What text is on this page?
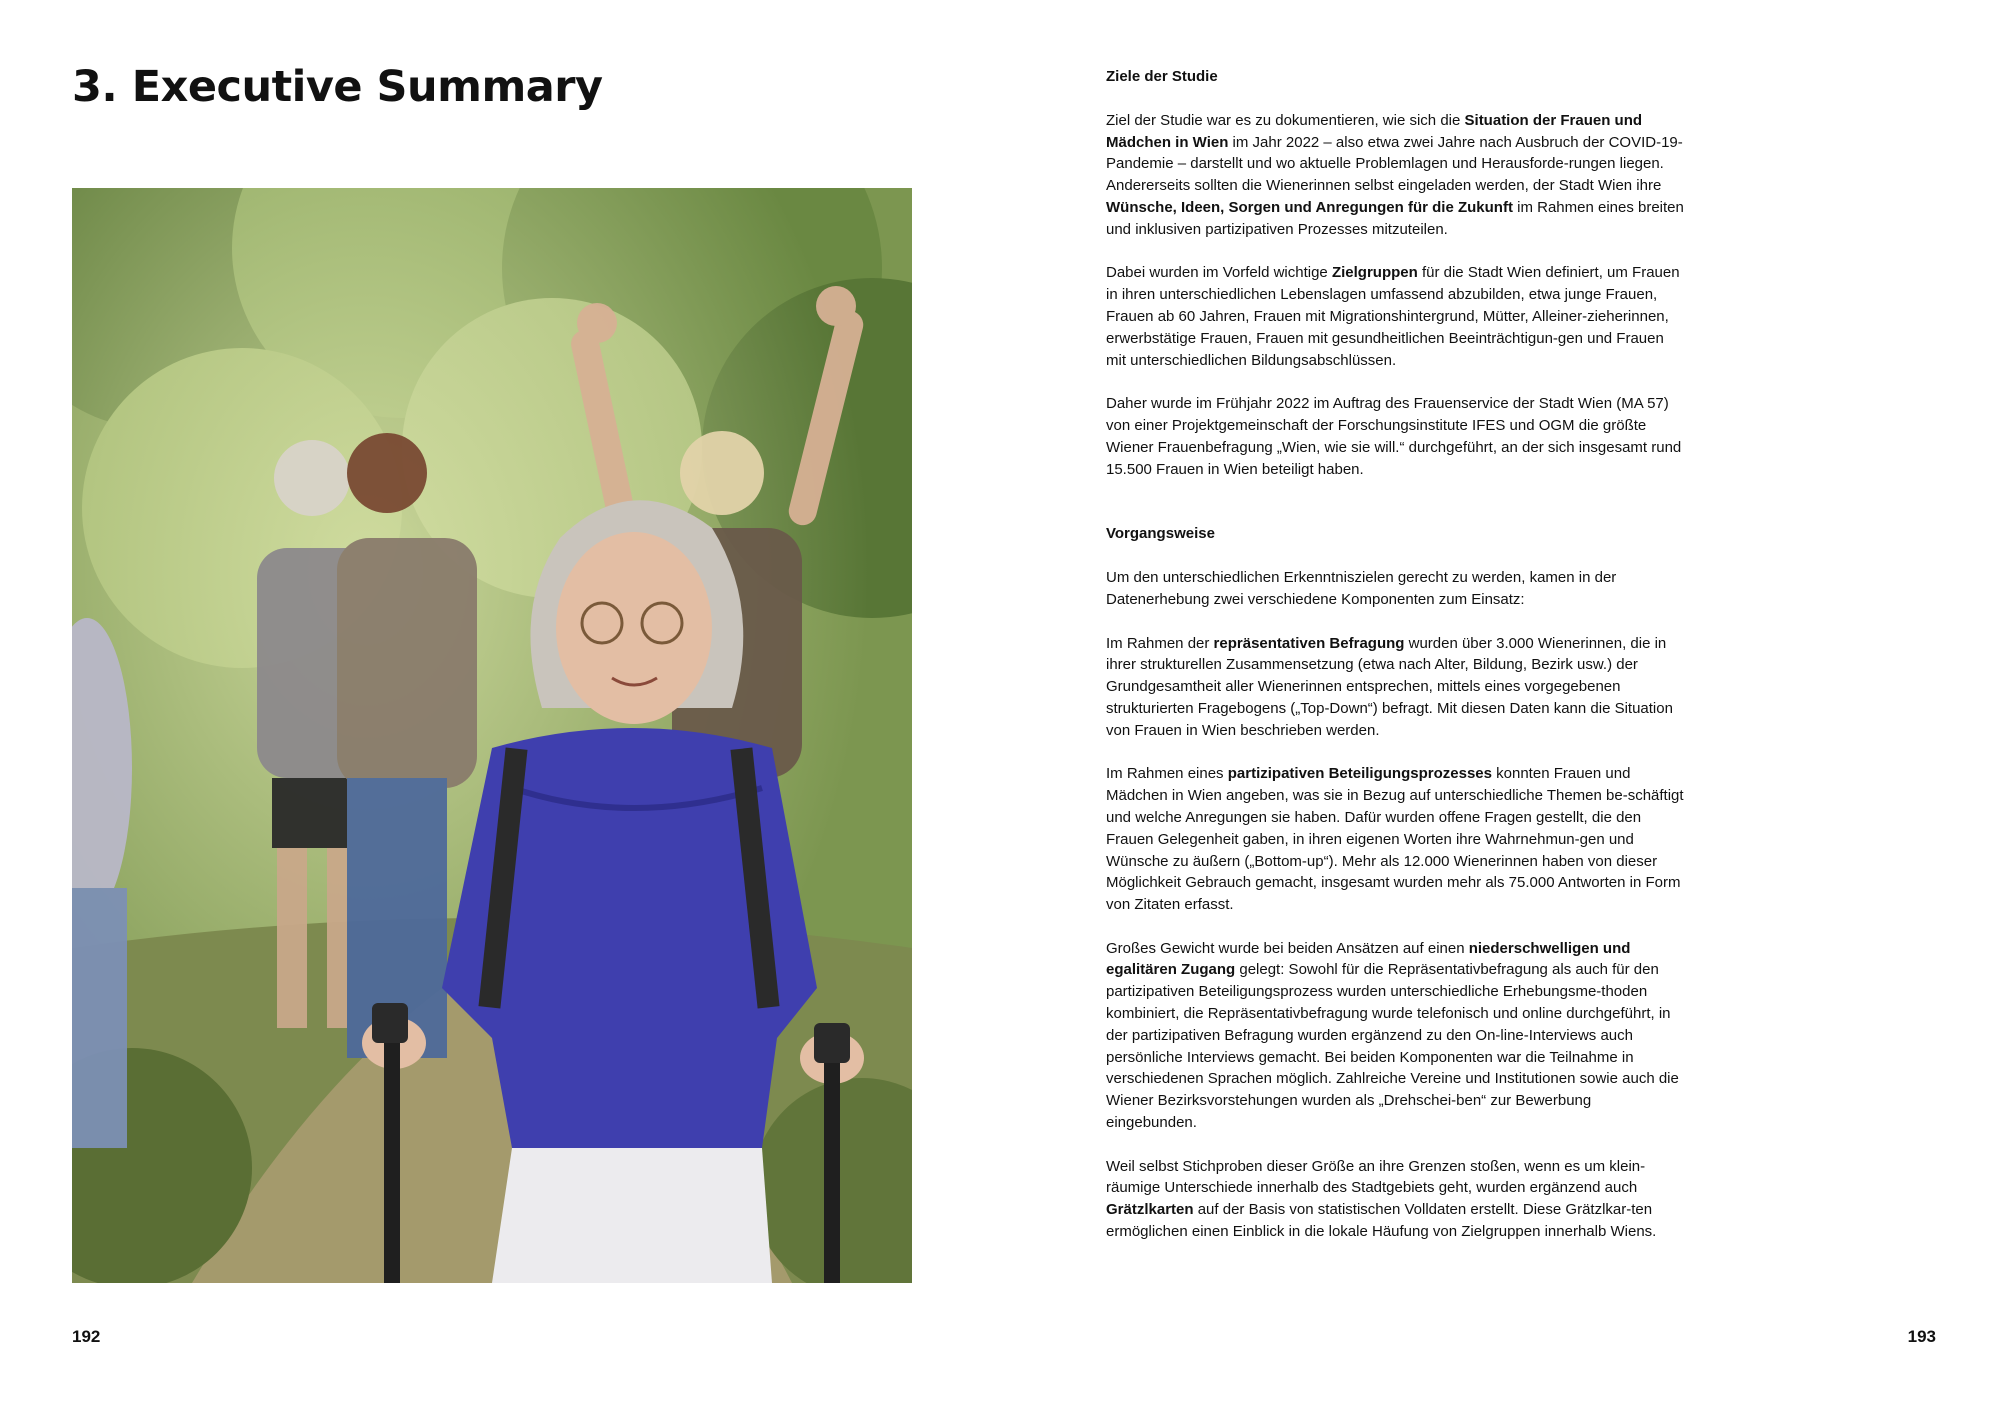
3. Executive Summary

192

Ziele der Studie

Ziel der Studie war es zu dokumentieren, wie sich die Situation der Frauen und Mädchen in Wien im Jahr 2022 – also etwa zwei Jahre nach Ausbruch der COVID-19-Pandemie – darstellt und wo aktuelle Problemlagen und Herausforde-rungen liegen. Andererseits sollten die Wienerinnen selbst eingeladen werden, der Stadt Wien ihre Wünsche, Ideen, Sorgen und Anregungen für die Zukunft im Rahmen eines breiten und inklusiven partizipativen Prozesses mitzuteilen.

Dabei wurden im Vorfeld wichtige Zielgruppen für die Stadt Wien definiert, um Frauen in ihren unterschiedlichen Lebenslagen umfassend abzubilden, etwa junge Frauen, Frauen ab 60 Jahren, Frauen mit Migrationshintergrund, Mütter, Alleiner-zieherinnen, erwerbstätige Frauen, Frauen mit gesundheitlichen Beeinträchtigun-gen und Frauen mit unterschiedlichen Bildungsabschlüssen.

Daher wurde im Frühjahr 2022 im Auftrag des Frauenservice der Stadt Wien (MA 57) von einer Projektgemeinschaft der Forschungsinstitute IFES und OGM die größte Wiener Frauenbefragung „Wien, wie sie will.“ durchgeführt, an der sich insgesamt rund 15.500 Frauen in Wien beteiligt haben.

Vorgangsweise

Um den unterschiedlichen Erkenntniszielen gerecht zu werden, kamen in der Datenerhebung zwei verschiedene Komponenten zum Einsatz:

Im Rahmen der repräsentativen Befragung wurden über 3.000 Wienerinnen, die in ihrer strukturellen Zusammensetzung (etwa nach Alter, Bildung, Bezirk usw.) der Grundgesamtheit aller Wienerinnen entsprechen, mittels eines vorgegebenen strukturierten Fragebogens („Top-Down“) befragt. Mit diesen Daten kann die Situation von Frauen in Wien beschrieben werden.

Im Rahmen eines partizipativen Beteiligungsprozesses konnten Frauen und Mädchen in Wien angeben, was sie in Bezug auf unterschiedliche Themen be-schäftigt und welche Anregungen sie haben. Dafür wurden offene Fragen gestellt, die den Frauen Gelegenheit gaben, in ihren eigenen Worten ihre Wahrnehmun-gen und Wünsche zu äußern („Bottom-up“). Mehr als 12.000 Wienerinnen haben von dieser Möglichkeit Gebrauch gemacht, insgesamt wurden mehr als 75.000 Antworten in Form von Zitaten erfasst.

Großes Gewicht wurde bei beiden Ansätzen auf einen niederschwelligen und egalitären Zugang gelegt: Sowohl für die Repräsentativbefragung als auch für den partizipativen Beteiligungsprozess wurden unterschiedliche Erhebungsme-thoden kombiniert, die Repräsentativbefragung wurde telefonisch und online durchgeführt, in der partizipativen Befragung wurden ergänzend zu den On-line-Interviews auch persönliche Interviews gemacht. Bei beiden Komponenten war die Teilnahme in verschiedenen Sprachen möglich. Zahlreiche Vereine und Institutionen sowie auch die Wiener Bezirksvorstehungen wurden als „Drehschei-ben“ zur Bewerbung eingebunden.

Weil selbst Stichproben dieser Größe an ihre Grenzen stoßen, wenn es um klein-räumige Unterschiede innerhalb des Stadtgebiets geht, wurden ergänzend auch Grätzlkarten auf der Basis von statistischen Volldaten erstellt. Diese Grätzlkar-ten ermöglichen einen Einblick in die lokale Häufung von Zielgruppen innerhalb Wiens.

193
